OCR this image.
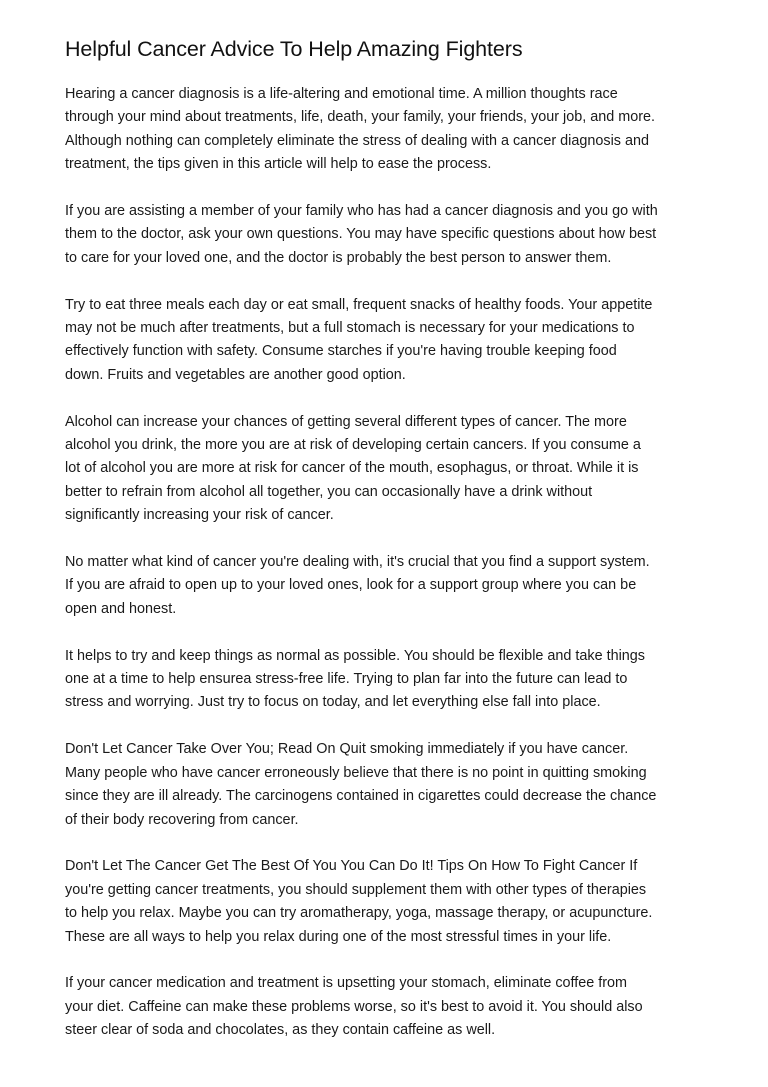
Helpful Cancer Advice To Help Amazing Fighters

Hearing a cancer diagnosis is a life-altering and emotional time. A million thoughts race
through your mind about treatments, life, death, your family, your friends, your job, and more.
Although nothing can completely eliminate the stress of dealing with a cancer diagnosis and
treatment, the tips given in this article will help to ease the process.

If you are assisting a member of your family who has had a cancer diagnosis and you go with
them to the doctor, ask your own questions. You may have specific questions about how best
to care for your loved one, and the doctor is probably the best person to answer them.

Try to eat three meals each day or eat small, frequent snacks of healthy foods. Your appetite
may not be much after treatments, but a full stomach is necessary for your medications to
effectively function with safety. Consume starches if you're having trouble keeping food
down. Fruits and vegetables are another good option.

Alcohol can increase your chances of getting several different types of cancer. The more
alcohol you drink, the more you are at risk of developing certain cancers. If you consume a
lot of alcohol you are more at risk for cancer of the mouth, esophagus, or throat. While it is
better to refrain from alcohol all together, you can occasionally have a drink without
significantly increasing your risk of cancer.

No matter what kind of cancer you're dealing with, it's crucial that you find a support system.
If you are afraid to open up to your loved ones, look for a support group where you can be
open and honest.

It helps to try and keep things as normal as possible. You should be flexible and take things
one at a time to help ensurea stress-free life. Trying to plan far into the future can lead to
stress and worrying. Just try to focus on today, and let everything else fall into place.

Don't Let Cancer Take Over You; Read On Quit smoking immediately if you have cancer.
Many people who have cancer erroneously believe that there is no point in quitting smoking
since they are ill already. The carcinogens contained in cigarettes could decrease the chance
of their body recovering from cancer.

Don't Let The Cancer Get The Best Of You You Can Do It! Tips On How To Fight Cancer If
you're getting cancer treatments, you should supplement them with other types of therapies
to help you relax. Maybe you can try aromatherapy, yoga, massage therapy, or acupuncture.
These are all ways to help you relax during one of the most stressful times in your life.

If your cancer medication and treatment is upsetting your stomach, eliminate coffee from
your diet. Caffeine can make these problems worse, so it's best to avoid it. You should also
steer clear of soda and chocolates, as they contain caffeine as well.
